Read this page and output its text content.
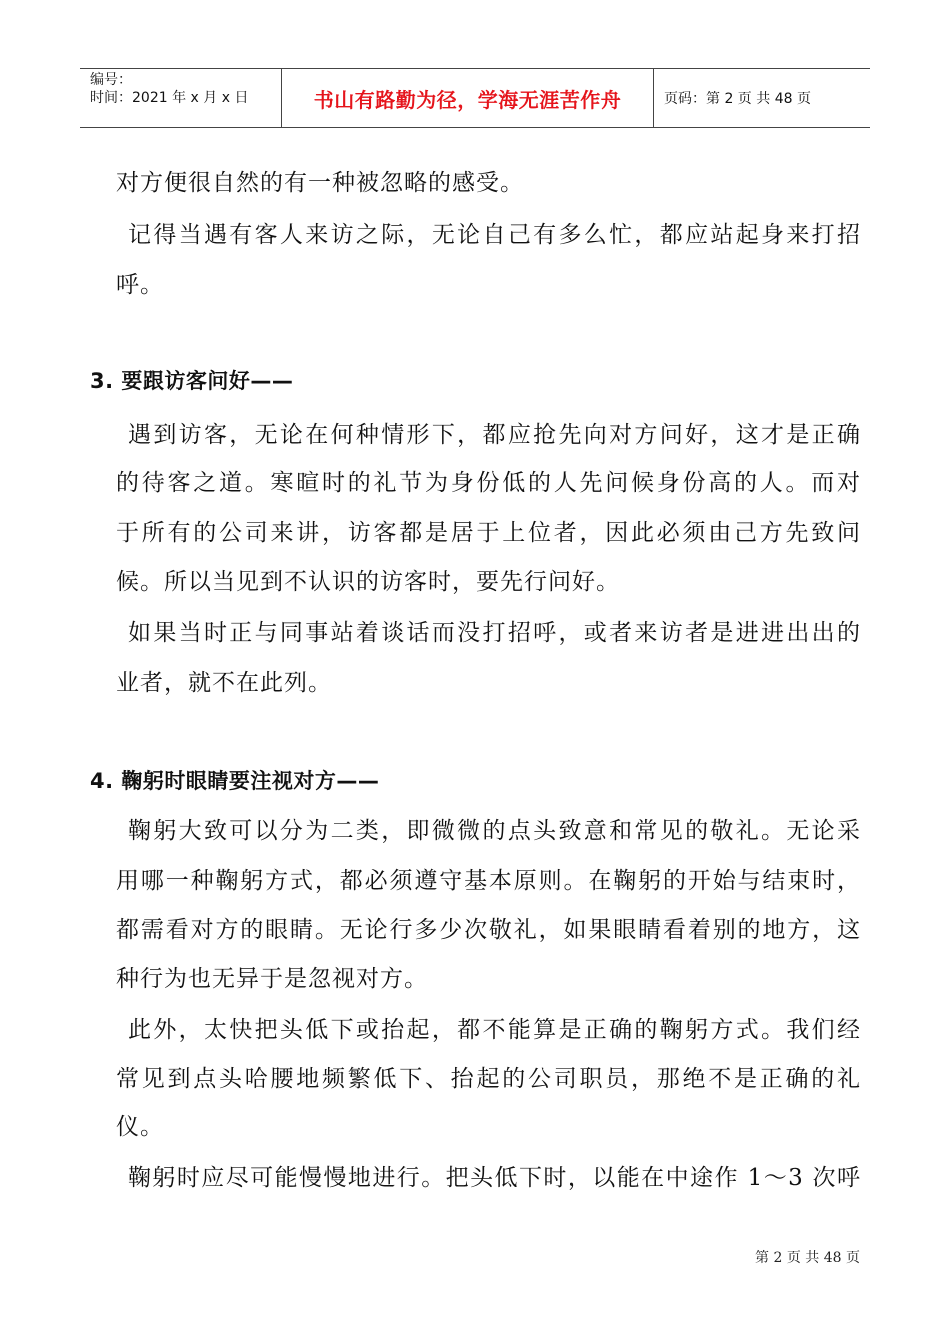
编号：
时间：2021 年 x 月 x 日	书山有路勤为径，学海无涯苦作舟	页码：第 2 页 共 48 页
对方便很自然的有一种被忽略的感受。
记得当遇有客人来访之际，无论自己有多么忙，都应站起身来打招
呼。
3. 要跟访客问好——
遇到访客，无论在何种情形下，都应抢先向对方问好，这才是正确
的待客之道。寒暄时的礼节为身份低的人先问候身份高的人。而对
于所有的公司来讲，访客都是居于上位者，因此必须由己方先致问
候。所以当见到不认识的访客时，要先行问好。
如果当时正与同事站着谈话而没打招呼，或者来访者是进进出出的
业者，就不在此列。
4. 鞠躬时眼睛要注视对方——
鞠躬大致可以分为二类，即微微的点头致意和常见的敬礼。无论采
用哪一种鞠躬方式，都必须遵守基本原则。在鞠躬的开始与结束时，
都需看对方的眼睛。无论行多少次敬礼，如果眼睛看着别的地方，这
种行为也无异于是忽视对方。
此外，太快把头低下或抬起，都不能算是正确的鞠躬方式。我们经
常见到点头哈腰地频繁低下、抬起的公司职员，那绝不是正确的礼
仪。
鞠躬时应尽可能慢慢地进行。把头低下时，以能在中途作 1～3 次呼
第 2 页 共 48 页
